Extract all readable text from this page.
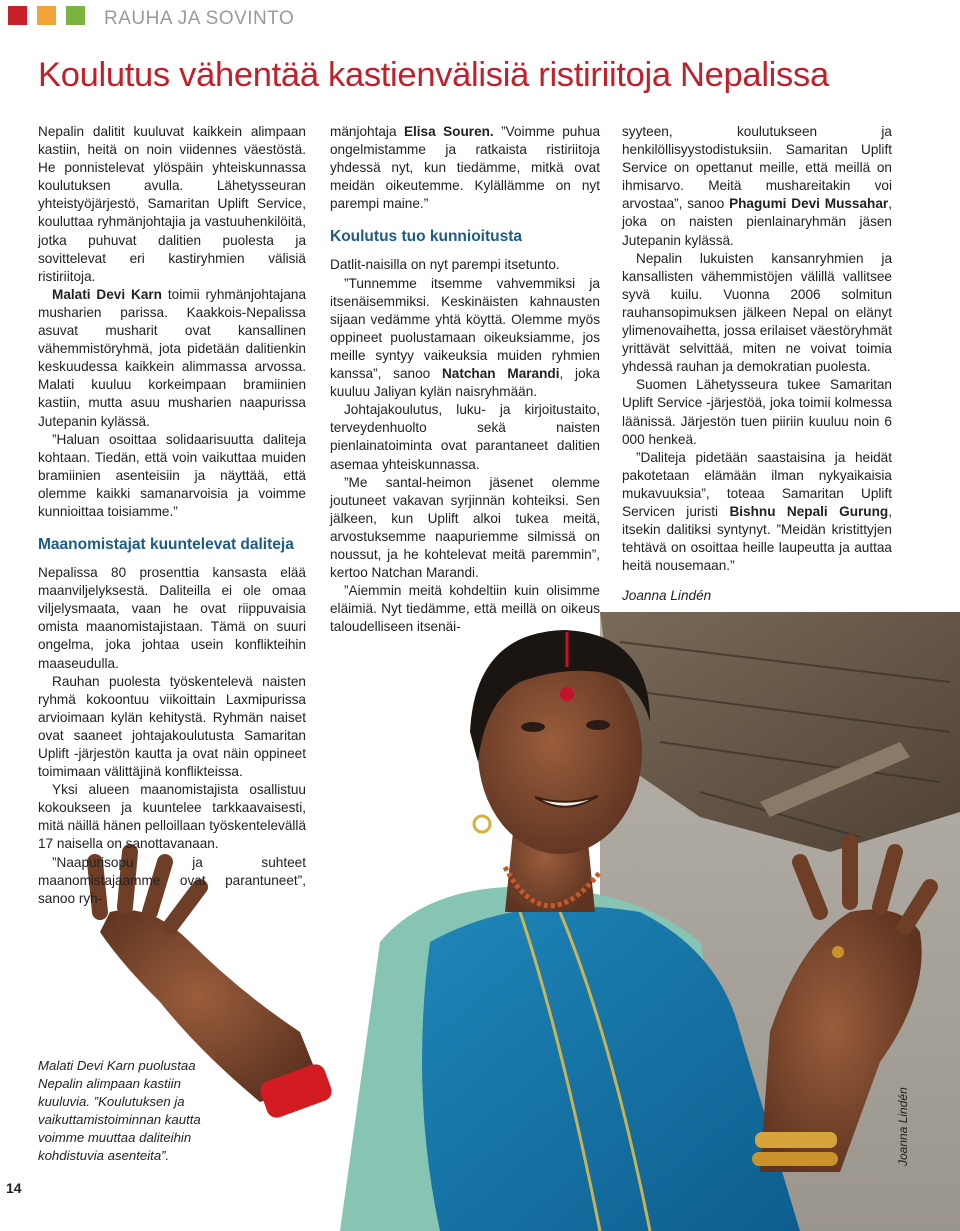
RAUHA JA SOVINTO
Koulutus vähentää kastienvälisiä ristiriitoja Nepalissa

Nepalin dalitit kuuluvat kaikkein alimpaan kastiin, heitä on noin viidennes väestöstä. He ponnistelevat ylöspäin yhteiskunnassa koulutuksen avulla. Lähetysseuran yhteistyöjärjestö, Samaritan Uplift Service, kouluttaa ryhmänjohtajia ja vastuuhenkilöitä, jotka puhuvat dalitien puolesta ja sovittelevat eri kastiryhmien välisiä ristiriitoja.

Malati Devi Karn toimii ryhmänjohtajana musharien parissa. Kaakkois-Nepalissa asuvat musharit ovat kansallinen vähemmistöryhmä, jota pidetään dalitienkin keskuudessa kaikkein alimmassa arvossa. Malati kuuluu korkeimpaan bramiinien kastiin, mutta asuu musharien naapurissa Jutepanin kylässä.

”Haluan osoittaa solidaarisuutta daliteja kohtaan. Tiedän, että voin vaikuttaa muiden bramiinien asenteisiin ja näyttää, että olemme kaikki samanarvoisia ja voimme kunnioittaa toisiamme.”

Maanomistajat kuuntelevat daliteja

Nepalissa 80 prosenttia kansasta elää maanviljelyksestä. Daliteilla ei ole omaa viljelysmaata, vaan he ovat riippuvaisia omista maanomistajistaan. Tämä on suuri ongelma, joka johtaa usein konflikteihin maaseudulla.

Rauhan puolesta työskentelevä naisten ryhmä kokoontuu viikoittain Laxmipurissa arvioimaan kylän kehitystä. Ryhmän naiset ovat saaneet johtajakoulutusta Samaritan Uplift -järjestön kautta ja ovat näin oppineet toimimaan välittäjinä konflikteissa.

Yksi alueen maanomistajista osallistuu kokoukseen ja kuuntelee tarkkaavaisesti, mitä näillä hänen pelloillaan työskentelevällä 17 naisella on sanottavanaan.

”Naapurisopu ja suhteet maanomistajaamme ovat parantuneet”, sanoo ryh-

mänjohtaja Elisa Souren. ”Voimme puhua ongelmistamme ja ratkaista ristiriitoja yhdessä nyt, kun tiedämme, mitkä ovat meidän oikeutemme. Kylällämme on nyt parempi maine.”

Koulutus tuo kunnioitusta

Datlit-naisilla on nyt parempi itsetunto.

”Tunnemme itsemme vahvemmiksi ja itsenäisemmiksi. Keskinäisten kahnausten sijaan vedämme yhtä köyttä. Olemme myös oppineet puolustamaan oikeuksiamme, jos meille syntyy vaikeuksia muiden ryhmien kanssa”, sanoo Natchan Marandi, joka kuuluu Jaliyan kylän naisryhmään.

Johtajakoulutus, luku- ja kirjoitustaito, terveydenhuolto sekä naisten pienlainatoiminta ovat parantaneet dalitien asemaa yhteiskunnassa.

”Me santal-heimon jäsenet olemme joutuneet vakavan syrjinnän kohteiksi. Sen jälkeen, kun Uplift alkoi tukea meitä, arvostuksemme naapuriemme silmissä on noussut, ja he kohtelevat meitä paremmin”, kertoo Natchan Marandi.

”Aiemmin meitä kohdeltiin kuin olisimme eläimiä. Nyt tiedämme, että meillä on oikeus taloudelliseen itsenäi-

syyteen, koulutukseen ja henkilöllisyystodistuksiin. Samaritan Uplift Service on opettanut meille, että meillä on ihmisarvo. Meitä mushareitakin voi arvostaa”, sanoo Phagumi Devi Mussahar, joka on naisten pienlainaryhmän jäsen Jutepanin kylässä.

Nepalin lukuisten kansanryhmien ja kansallisten vähemmistöjen välillä vallitsee syvä kuilu. Vuonna 2006 solmitun rauhansopimuksen jälkeen Nepal on elänyt ylimenovaihetta, jossa erilaiset väestöryhmät yrittävät selvittää, miten ne voivat toimia yhdessä rauhan ja demokratian puolesta.

Suomen Lähetysseura tukee Samaritan Uplift Service -järjestöä, joka toimii kolmessa läänissä. Järjestön tuen piiriin kuuluu noin 6 000 henkeä.

”Daliteja pidetään saastaisina ja heidät pakotetaan elämään ilman nykyaikaisia mukavuuksia”, toteaa Samaritan Uplift Servicen juristi Bishnu Nepali Gurung, itsekin dalitiksi syntynyt. ”Meidän kristittyjen tehtävä on osoittaa heille laupeutta ja auttaa heitä nousemaan.”

Joanna Lindén

Malati Devi Karn puolustaa Nepalin alimpaan kastiin kuuluvia. ”Koulutuksen ja vaikuttamistoiminnan kautta voimme muuttaa daliteihin kohdistuvia asenteita”.	Joanna Lindén
14
